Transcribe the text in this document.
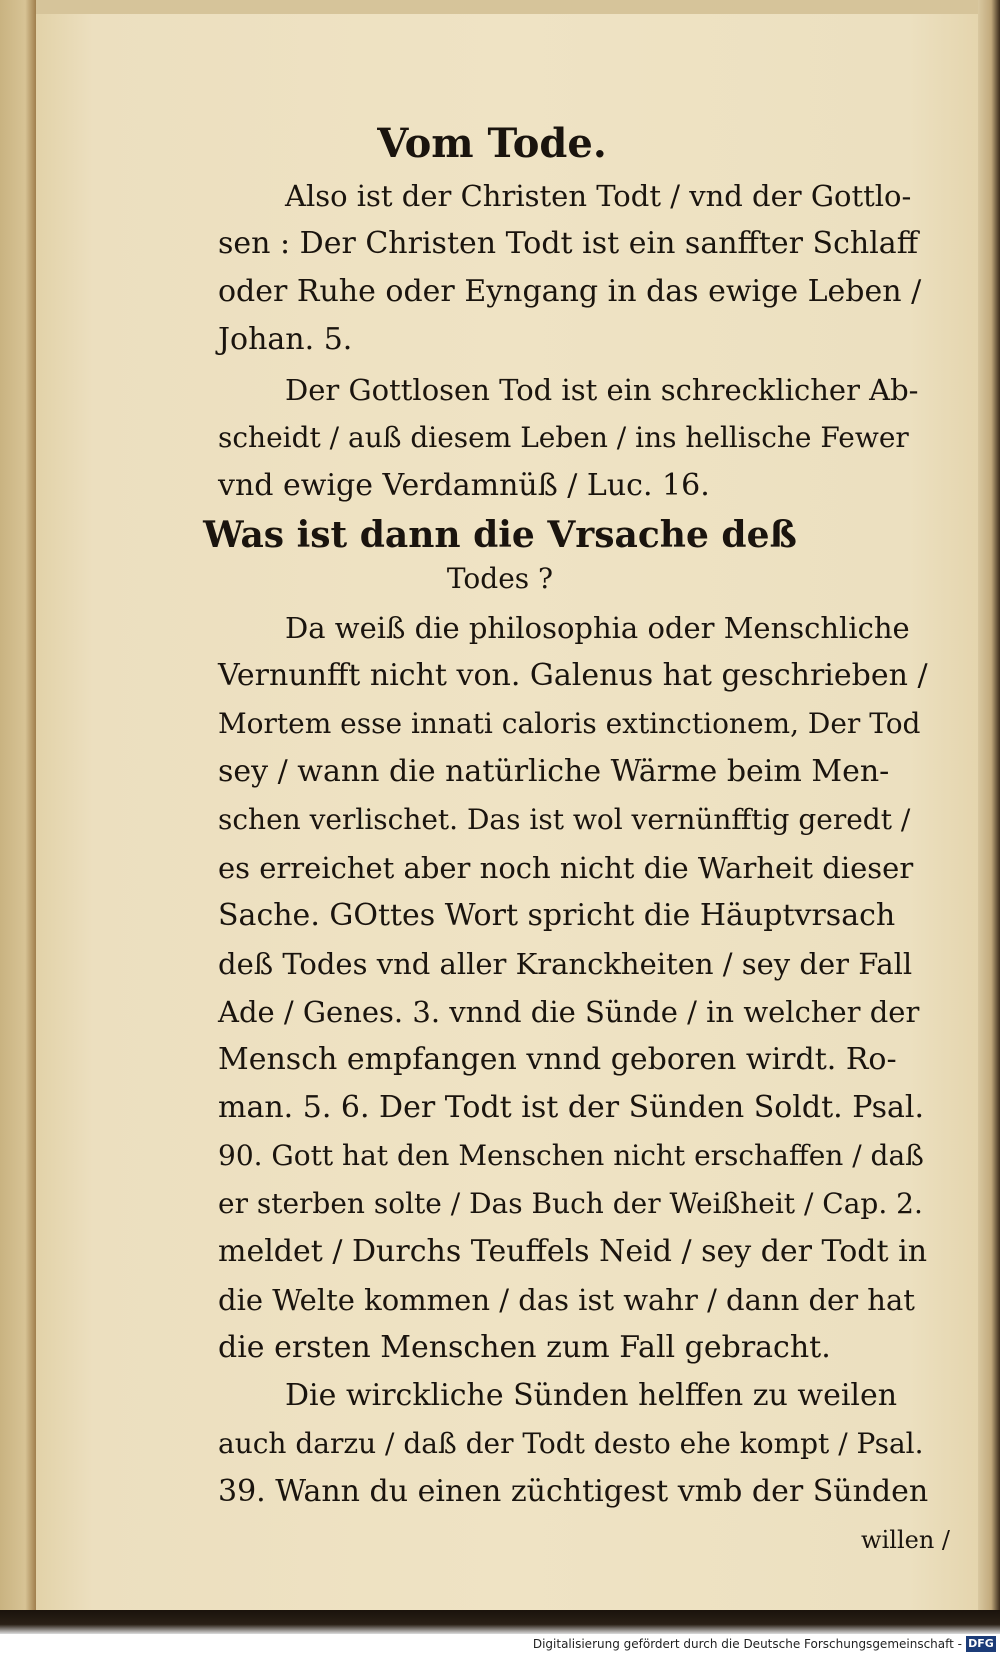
Vom Tode.
Also ist der Christen Todt / vnd der Gottlo-
sen : Der Christen Todt ist ein sanffter Schlaff
oder Ruhe oder Eyngang in das ewige Leben /
Johan. 5.
Der Gottlosen Tod ist ein schrecklicher Ab-
scheidt / auß diesem Leben / ins hellische Fewer
vnd ewige Verdamnüß / Luc. 16.
Was ist dann die Vrsache deß
Todes ?
Da weiß die philosophia oder Menschliche
Vernunfft nicht von. Galenus hat geschrieben /
Mortem esse innati caloris extinctionem, Der Tod
sey / wann die natürliche Wärme beim Men-
schen verlischet. Das ist wol vernünfftig geredt /
es erreichet aber noch nicht die Warheit dieser
Sache. GOttes Wort spricht die Häuptvrsach
deß Todes vnd aller Kranckheiten / sey der Fall
Ade / Genes. 3. vnnd die Sünde / in welcher der
Mensch empfangen vnnd geboren wirdt. Ro-
man. 5. 6. Der Todt ist der Sünden Soldt. Psal.
90. Gott hat den Menschen nicht erschaffen / daß
er sterben solte / Das Buch der Weißheit / Cap. 2.
meldet / Durchs Teuffels Neid / sey der Todt in
die Welte kommen / das ist wahr / dann der hat
die ersten Menschen zum Fall gebracht.
Die wirckliche Sünden helffen zu weilen
auch darzu / daß der Todt desto ehe kompt / Psal.
39. Wann du einen züchtigest vmb der Sünden
willen /
Digitalisierung gefördert durch die Deutsche Forschungsgemeinschaft - DFG
